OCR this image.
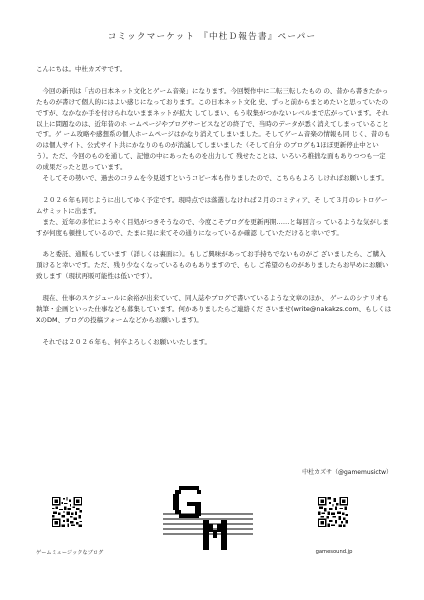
コミックマーケット 『中杜Ｄ報告書』ペーパー

こんにちは。中杜カズサです。

　今回の新刊は「古の日本ネット文化とゲーム音楽」になります。今回製作中に二転三転したもの の、昔から書きたかったものが書けて個人的にはよい感じになっております。この日本ネット文化 史、ずっと前からまとめたいと思っていたのですが、なかなか手を付けられないままネットが拡大 してしまい、もう収集がつかないレベルまで広がっています。それ以上に問題なのは、近年昔のホ ームページやブログサービスなどの終了で、当時のデータが悉く消えてしまっていることです。ゲ ーム攻略や感想系の個人ホームページはかなり消えてしまいました。そしてゲーム音楽の情報も同 じく、昔のものは個人サイト、公式サイト共にかなりのものが消滅してしまいました（そして自分 のブログも1ほぼ更新停止中という）。ただ、今回のものを通して、記憶の中にあったものを出力して 残せたことは、いろいろ稚拙な面もありつつも一定の成果だったと思っています。

　そしてその勢いで、過去のコラムを今見返すというコピー本も作りましたので、こちらもよろ しければお願いします。

　２０２６年も同じように出してゆく予定です。現時点では落選しなければ２月のコミティア、そ して３月のレトロゲームサミットに出ます。

　また、近年の多忙にようやく目処がつきそうなので、今度こそブログを更新再開……と毎回言っ ているような気がしますが何度も頓挫しているので、たまに見に来てその通りになっているか確認 していただけると幸いです。

　あと委託、通販もしています（詳しくは裏面に）。もしご興味があってお手持ちでないものがご ざいましたら、ご購入頂けると幸いです。ただ、残り少なくなっているものもありますので、もし ご希望のものがありましたらお早めにお願い致します（現状再販可能性は低いです）。

　現在、仕事のスケジュールに余裕が出来ていて、同人誌やブログで書いているような文章のほか、 ゲームのシナリオも執筆・企画といった仕事なども募集しています。何かありましたらご連絡くだ さいませ(write@nakakzs.com、もしくはXのDM、ブログの投稿フォームなどからお願いします)。

　それでは２０２６年も、何卒よろしくお願いいたします。

中杜カズサ（@gamemusictw）
ゲームミュージックなブログ	gamesound.jp
